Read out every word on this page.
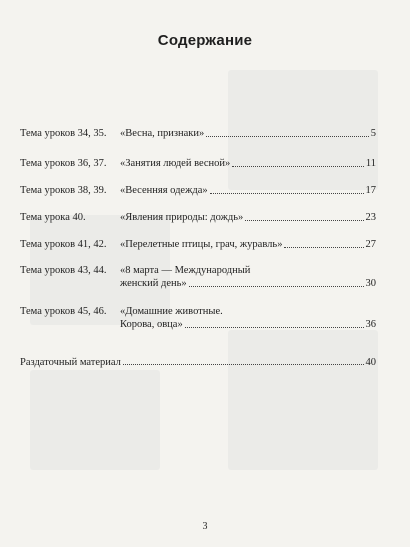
Содержание
Тема уроков 34, 35. «Весна, признаки»	5
Тема уроков 36, 37. «Занятия людей весной»	11
Тема уроков 38, 39. «Весенняя одежда»	17
Тема урока 40.	«Явления природы: дождь»	23
Тема уроков 41, 42. «Перелетные птицы, грач, журавль»	27
Тема уроков 43, 44. «8 марта — Международный
женский день»	30
Тема уроков 45, 46. «Домашние животные.
Корова, овца»	36
Раздаточный материал	40
3
